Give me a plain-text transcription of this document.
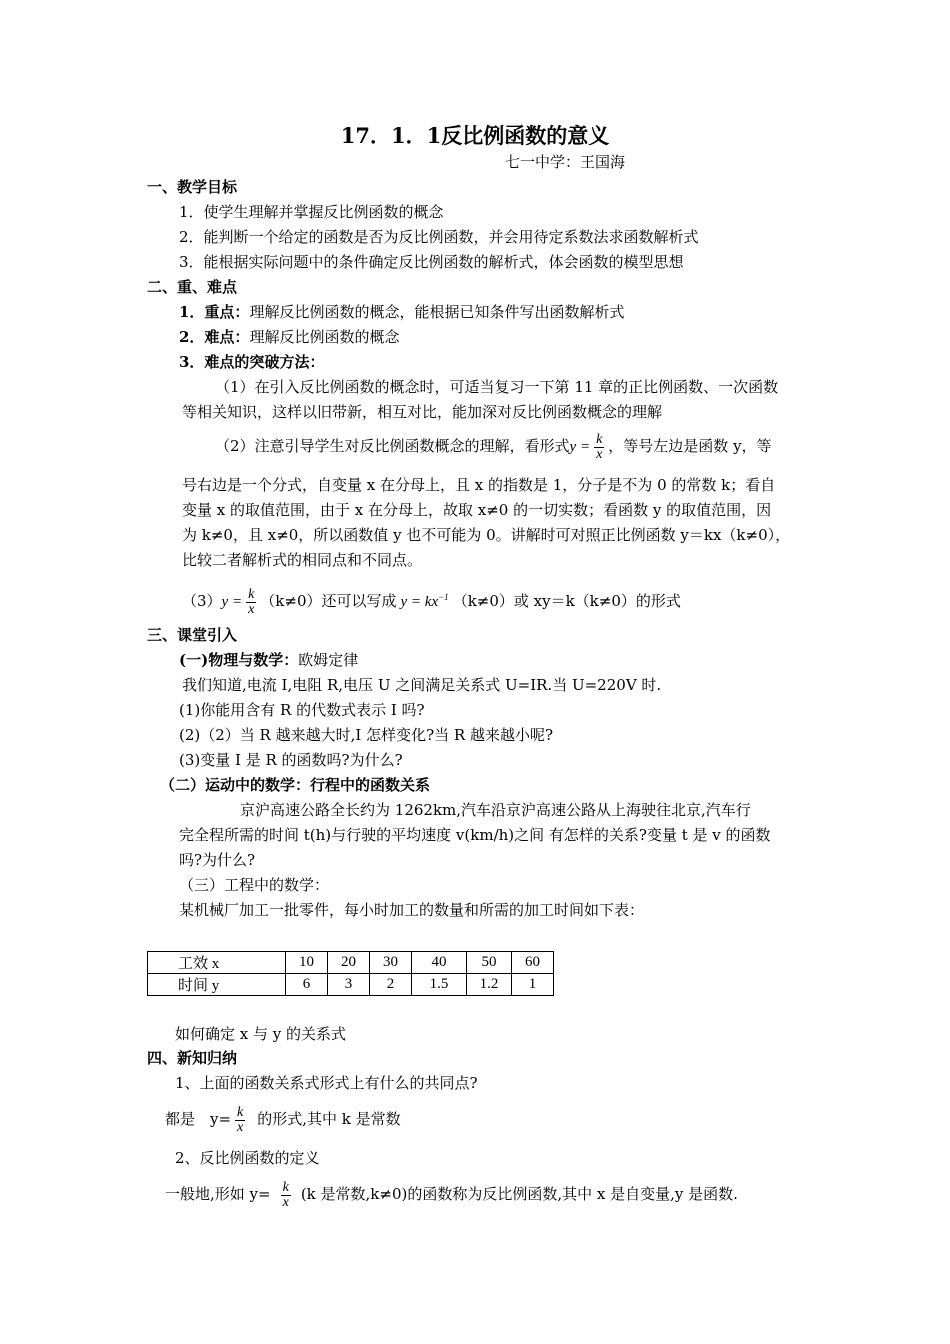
17．1．1反比例函数的意义
七一中学：王国海
一、教学目标
1．使学生理解并掌握反比例函数的概念
2．能判断一个给定的函数是否为反比例函数，并会用待定系数法求函数解析式
3．能根据实际问题中的条件确定反比例函数的解析式，体会函数的模型思想
二、重、难点
1．重点：理解反比例函数的概念，能根据已知条件写出函数解析式
2．难点：理解反比例函数的概念
3．难点的突破方法：
（1）在引入反比例函数的概念时，可适当复习一下第 11 章的正比例函数、一次函数
等相关知识，这样以旧带新，相互对比，能加深对反比例函数概念的理解
（2）注意引导学生对反比例函数概念的理解，看形式$y = \frac{k}{x}$ ，等号左边是函数 y，等
号右边是一个分式，自变量 x 在分母上，且 x 的指数是 1，分子是不为 0 的常数 k；看自
变量 x 的取值范围，由于 x 在分母上，故取 x≠0 的一切实数；看函数 y 的取值范围，因
为 k≠0，且 x≠0，所以函数值 y 也不可能为 0。讲解时可对照正比例函数 y＝kx（k≠0），
比较二者解析式的相同点和不同点。
$(3)y = \frac{k}{x} (k\ne 0)$还可以写成 $y = kx^{-1}$ （k≠0）或 xy＝k（k≠0）的形式
三、课堂引入
(一)物理与数学：欧姆定律
我们知道,电流 I,电阻 R,电压 U 之间满足关系式 U=IR.当 U=220V 时.
(1)你能用含有 R 的代数式表示 I 吗?
(2)（2）当 R 越来越大时,I 怎样变化?当 R 越来越小呢?
(3)变量 I 是 R 的函数吗?为什么?
（二）运动中的数学：行程中的函数关系
京沪高速公路全长约为 1262km,汽车沿京沪高速公路从上海驶往北京,汽车行
完全程所需的时间 t(h)与行驶的平均速度 v(km/h)之间 有怎样的关系?变量 t 是 v 的函数
吗?为什么?
（三）工程中的数学：
某机械厂加工一批零件，每小时加工的数量和所需的加工时间如下表：
工效 x	10	20	30	40	50	60
时间 y	6	3	2	1.5	1.2	1
如何确定 x 与 y 的关系式
四、新知归纳
1、上面的函数关系式形式上有什么的共同点?
都是　$y= \frac{k}{x}$ 的形式,其中 k 是常数
2、反比例函数的定义
一般地,形如 $y= \frac{k}{x} (k$ 是常数,k≠0)的函数称为反比例函数,其中 x 是自变量,y 是函数.
